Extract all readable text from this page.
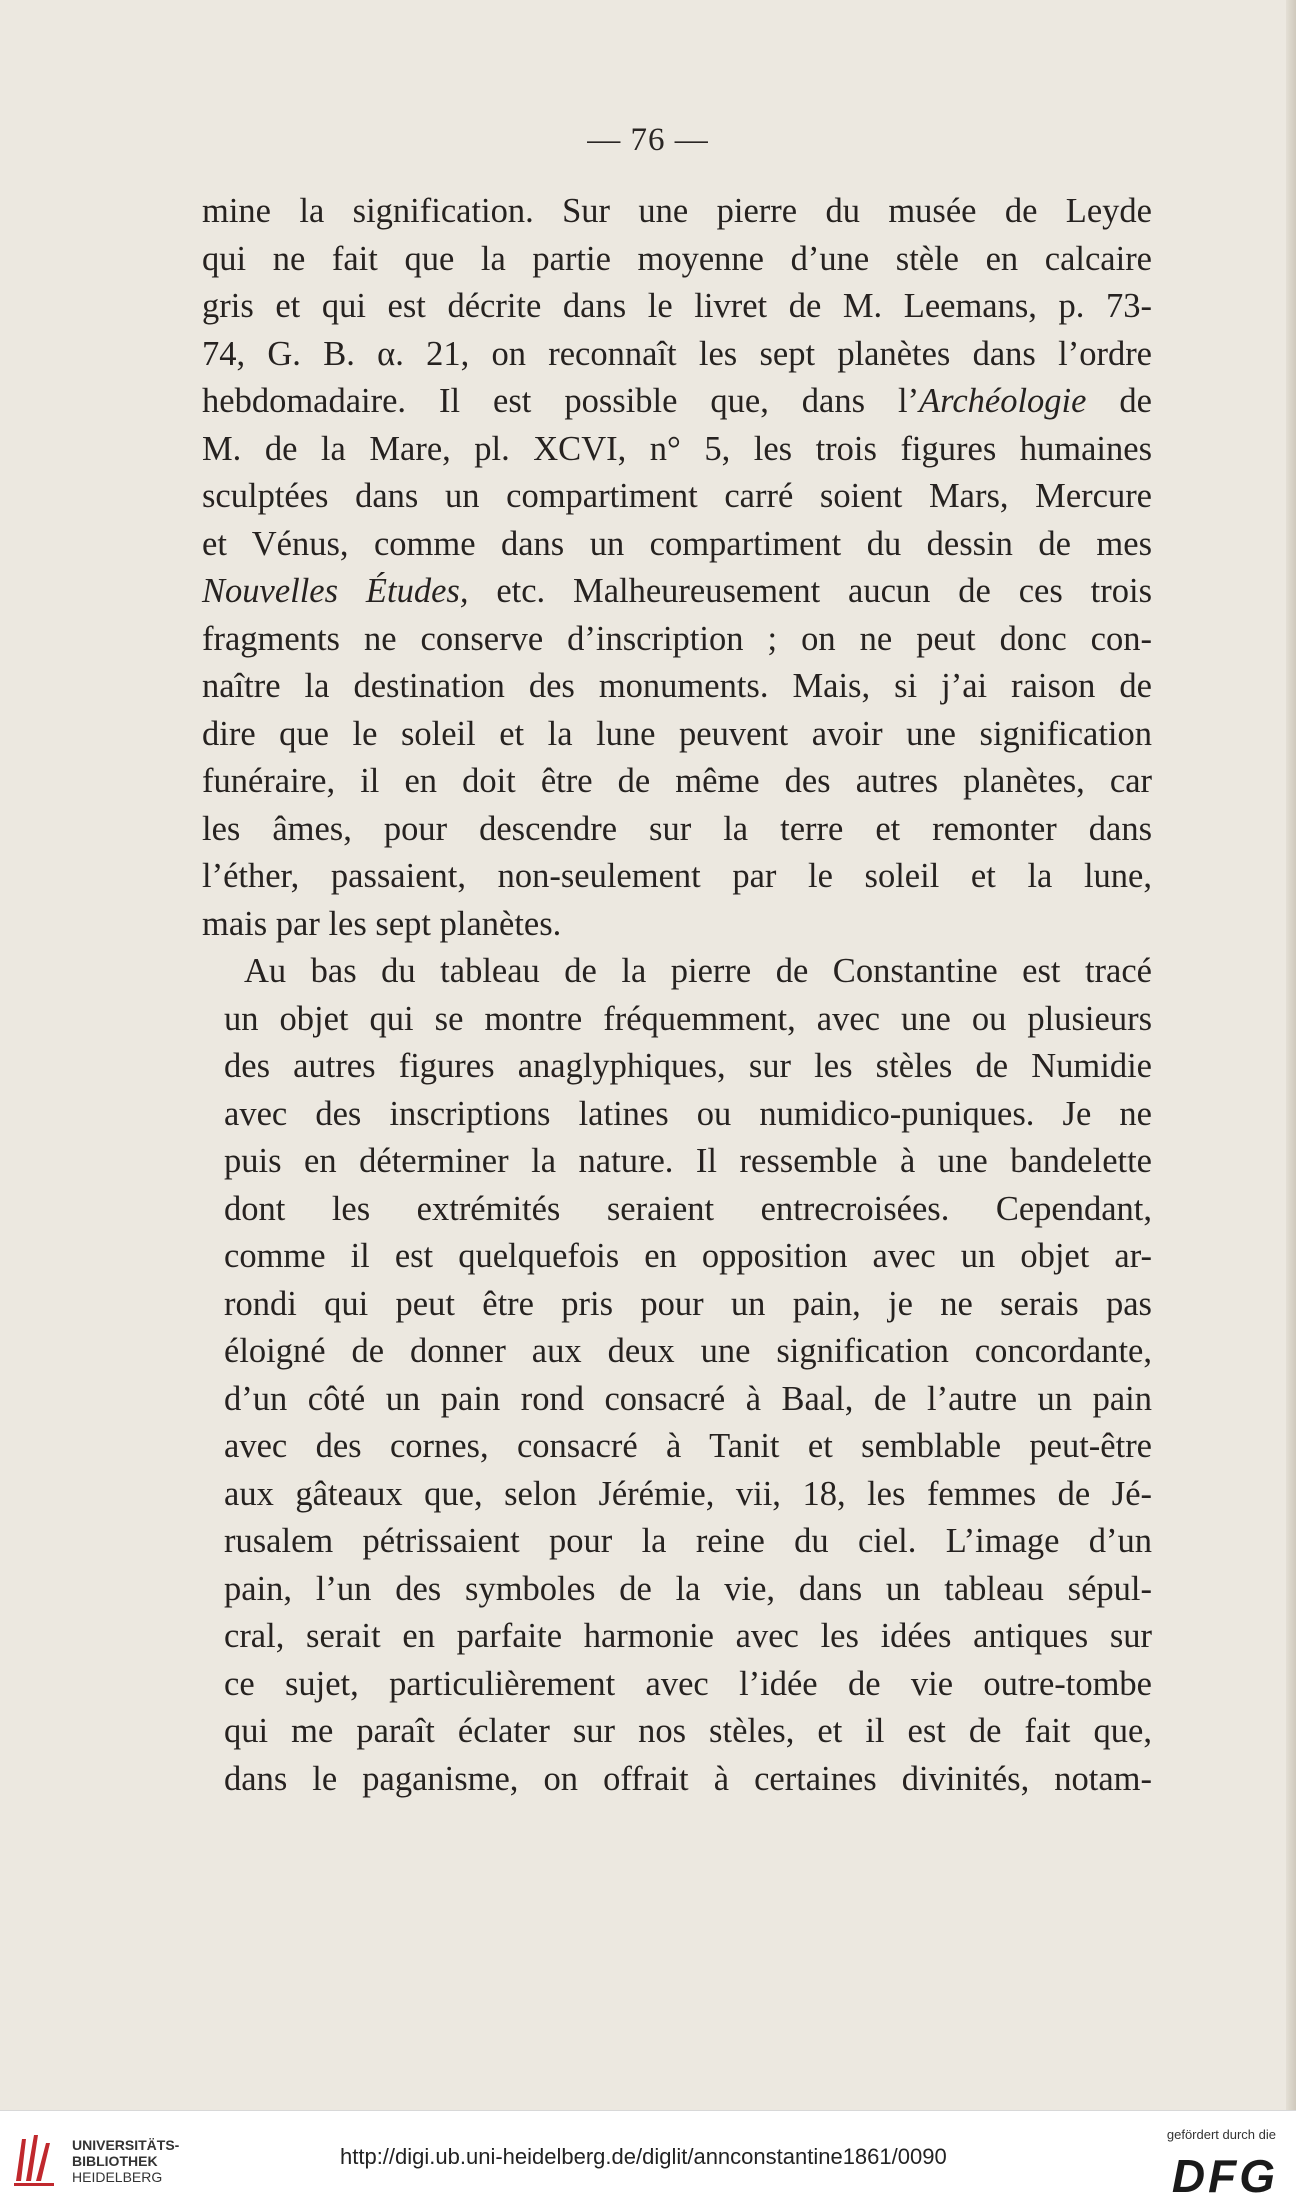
— 76 —
mine la signification. Sur une pierre du musée de Leyde
qui ne fait que la partie moyenne d’une stèle en calcaire
gris et qui est décrite dans le livret de M. Leemans, p. 73-
74, G. B. α. 21, on reconnaît les sept planètes dans l’ordre
hebdomadaire. Il est possible que, dans l’Archéologie de
M. de la Mare, pl. XCVI, n° 5, les trois figures humaines
sculptées dans un compartiment carré soient Mars, Mercure
et Vénus, comme dans un compartiment du dessin de mes
Nouvelles Études, etc. Malheureusement aucun de ces trois
fragments ne conserve d’inscription ; on ne peut donc con-
naître la destination des monuments. Mais, si j’ai raison de
dire que le soleil et la lune peuvent avoir une signification
funéraire, il en doit être de même des autres planètes, car
les âmes, pour descendre sur la terre et remonter dans
l’éther, passaient, non-seulement par le soleil et la lune,
mais par les sept planètes.
Au bas du tableau de la pierre de Constantine est tracé
un objet qui se montre fréquemment, avec une ou plusieurs
des autres figures anaglyphiques, sur les stèles de Numidie
avec des inscriptions latines ou numidico-puniques. Je ne
puis en déterminer la nature. Il ressemble à une bandelette
dont les extrémités seraient entrecroisées. Cependant,
comme il est quelquefois en opposition avec un objet ar-
rondi qui peut être pris pour un pain, je ne serais pas
éloigné de donner aux deux une signification concordante,
d’un côté un pain rond consacré à Baal, de l’autre un pain
avec des cornes, consacré à Tanit et semblable peut-être
aux gâteaux que, selon Jérémie, vii, 18, les femmes de Jé-
rusalem pétrissaient pour la reine du ciel. L’image d’un
pain, l’un des symboles de la vie, dans un tableau sépul-
cral, serait en parfaite harmonie avec les idées antiques sur
ce sujet, particulièrement avec l’idée de vie outre-tombe
qui me paraît éclater sur nos stèles, et il est de fait que,
dans le paganisme, on offrait à certaines divinités, notam-
UNIVERSITÄTS-
BIBLIOTHEK
HEIDELBERG
http://digi.ub.uni-heidelberg.de/diglit/annconstantine1861/0090
gefördert durch die
DFG
